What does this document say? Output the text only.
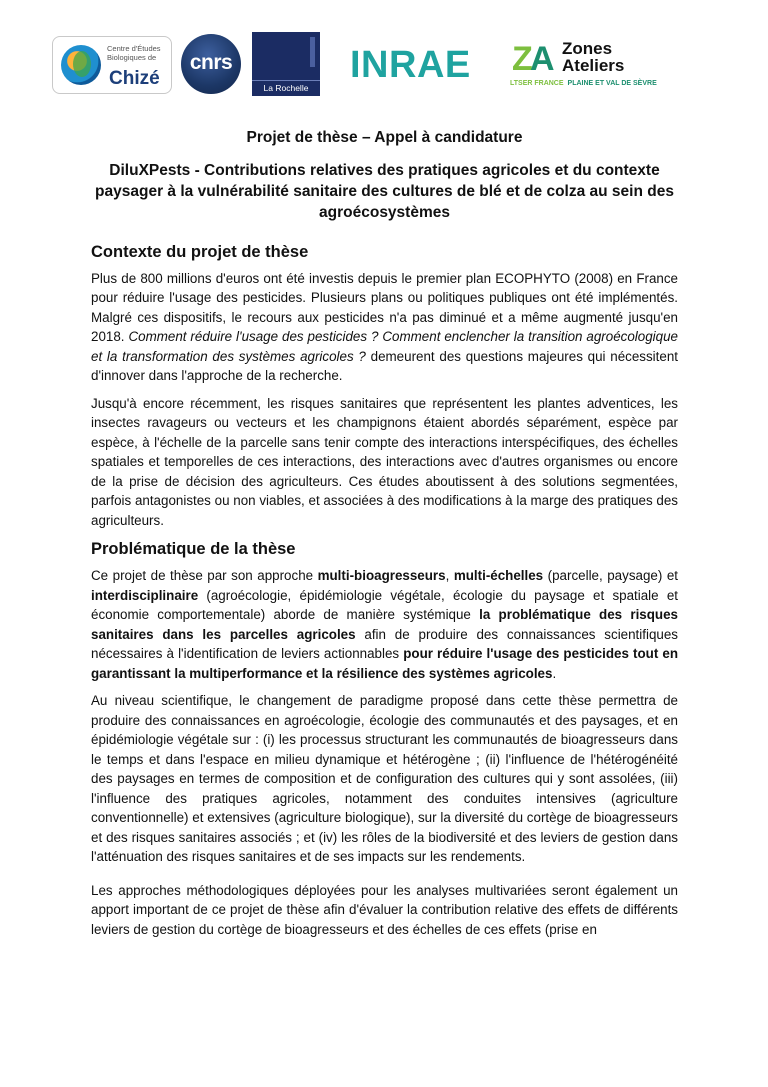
Centre d'Études Biologiques de
Chizé
cnrs
La Rochelle
INRAE Z
A Zones Ateliers
LTSER FRANCE PLAINE ET VAL DE SÈVRE
Projet de thèse – Appel à candidature
DiluXPests - Contributions relatives des pratiques agricoles et du contexte paysager à la vulnérabilité sanitaire des cultures de blé et de colza au sein des agroécosystèmes
Contexte du projet de thèse

Plus de 800 millions d'euros ont été investis depuis le premier plan ECOPHYTO (2008) en France pour réduire l'usage des pesticides. Plusieurs plans ou politiques publiques ont été implémentés. Malgré ces dispositifs, le recours aux pesticides n'a pas diminué et a même augmenté jusqu'en 2018. Comment réduire l'usage des pesticides ? Comment enclencher la transition agroécologique et la transformation des systèmes agricoles ? demeurent des questions majeures qui nécessitent d'innover dans l'approche de la recherche.

Jusqu'à encore récemment, les risques sanitaires que représentent les plantes adventices, les insectes ravageurs ou vecteurs et les champignons étaient abordés séparément, espèce par espèce, à l'échelle de la parcelle sans tenir compte des interactions interspécifiques, des échelles spatiales et temporelles de ces interactions, des interactions avec d'autres organismes ou encore de la prise de décision des agriculteurs. Ces études aboutissent à des solutions segmentées, parfois antagonistes ou non viables, et associées à des modifications à la marge des pratiques des agriculteurs.

Problématique de la thèse

Ce projet de thèse par son approche multi-bioagresseurs, multi-échelles (parcelle, paysage) et interdisciplinaire (agroécologie, épidémiologie végétale, écologie du paysage et spatiale et économie comportementale) aborde de manière systémique la problématique des risques sanitaires dans les parcelles agricoles afin de produire des connaissances scientifiques nécessaires à l'identification de leviers actionnables pour réduire l'usage des pesticides tout en garantissant la multiperformance et la résilience des systèmes agricoles.

Au niveau scientifique, le changement de paradigme proposé dans cette thèse permettra de produire des connaissances en agroécologie, écologie des communautés et des paysages, et en épidémiologie végétale sur : (i) les processus structurant les communautés de bioagresseurs dans le temps et dans l'espace en milieu dynamique et hétérogène ; (ii) l'influence de l'hétérogénéité des paysages en termes de composition et de configuration des cultures qui y sont assolées, (iii) l'influence des pratiques agricoles, notamment des conduites intensives (agriculture conventionnelle) et extensives (agriculture biologique), sur la diversité du cortège de bioagresseurs et des risques sanitaires associés ; et (iv) les rôles de la biodiversité et des leviers de gestion dans l'atténuation des risques sanitaires et de ses impacts sur les rendements.

Les approches méthodologiques déployées pour les analyses multivariées seront également un apport important de ce projet de thèse afin d'évaluer la contribution relative des effets de différents leviers de gestion du cortège de bioagresseurs et des échelles de ces effets (prise en
